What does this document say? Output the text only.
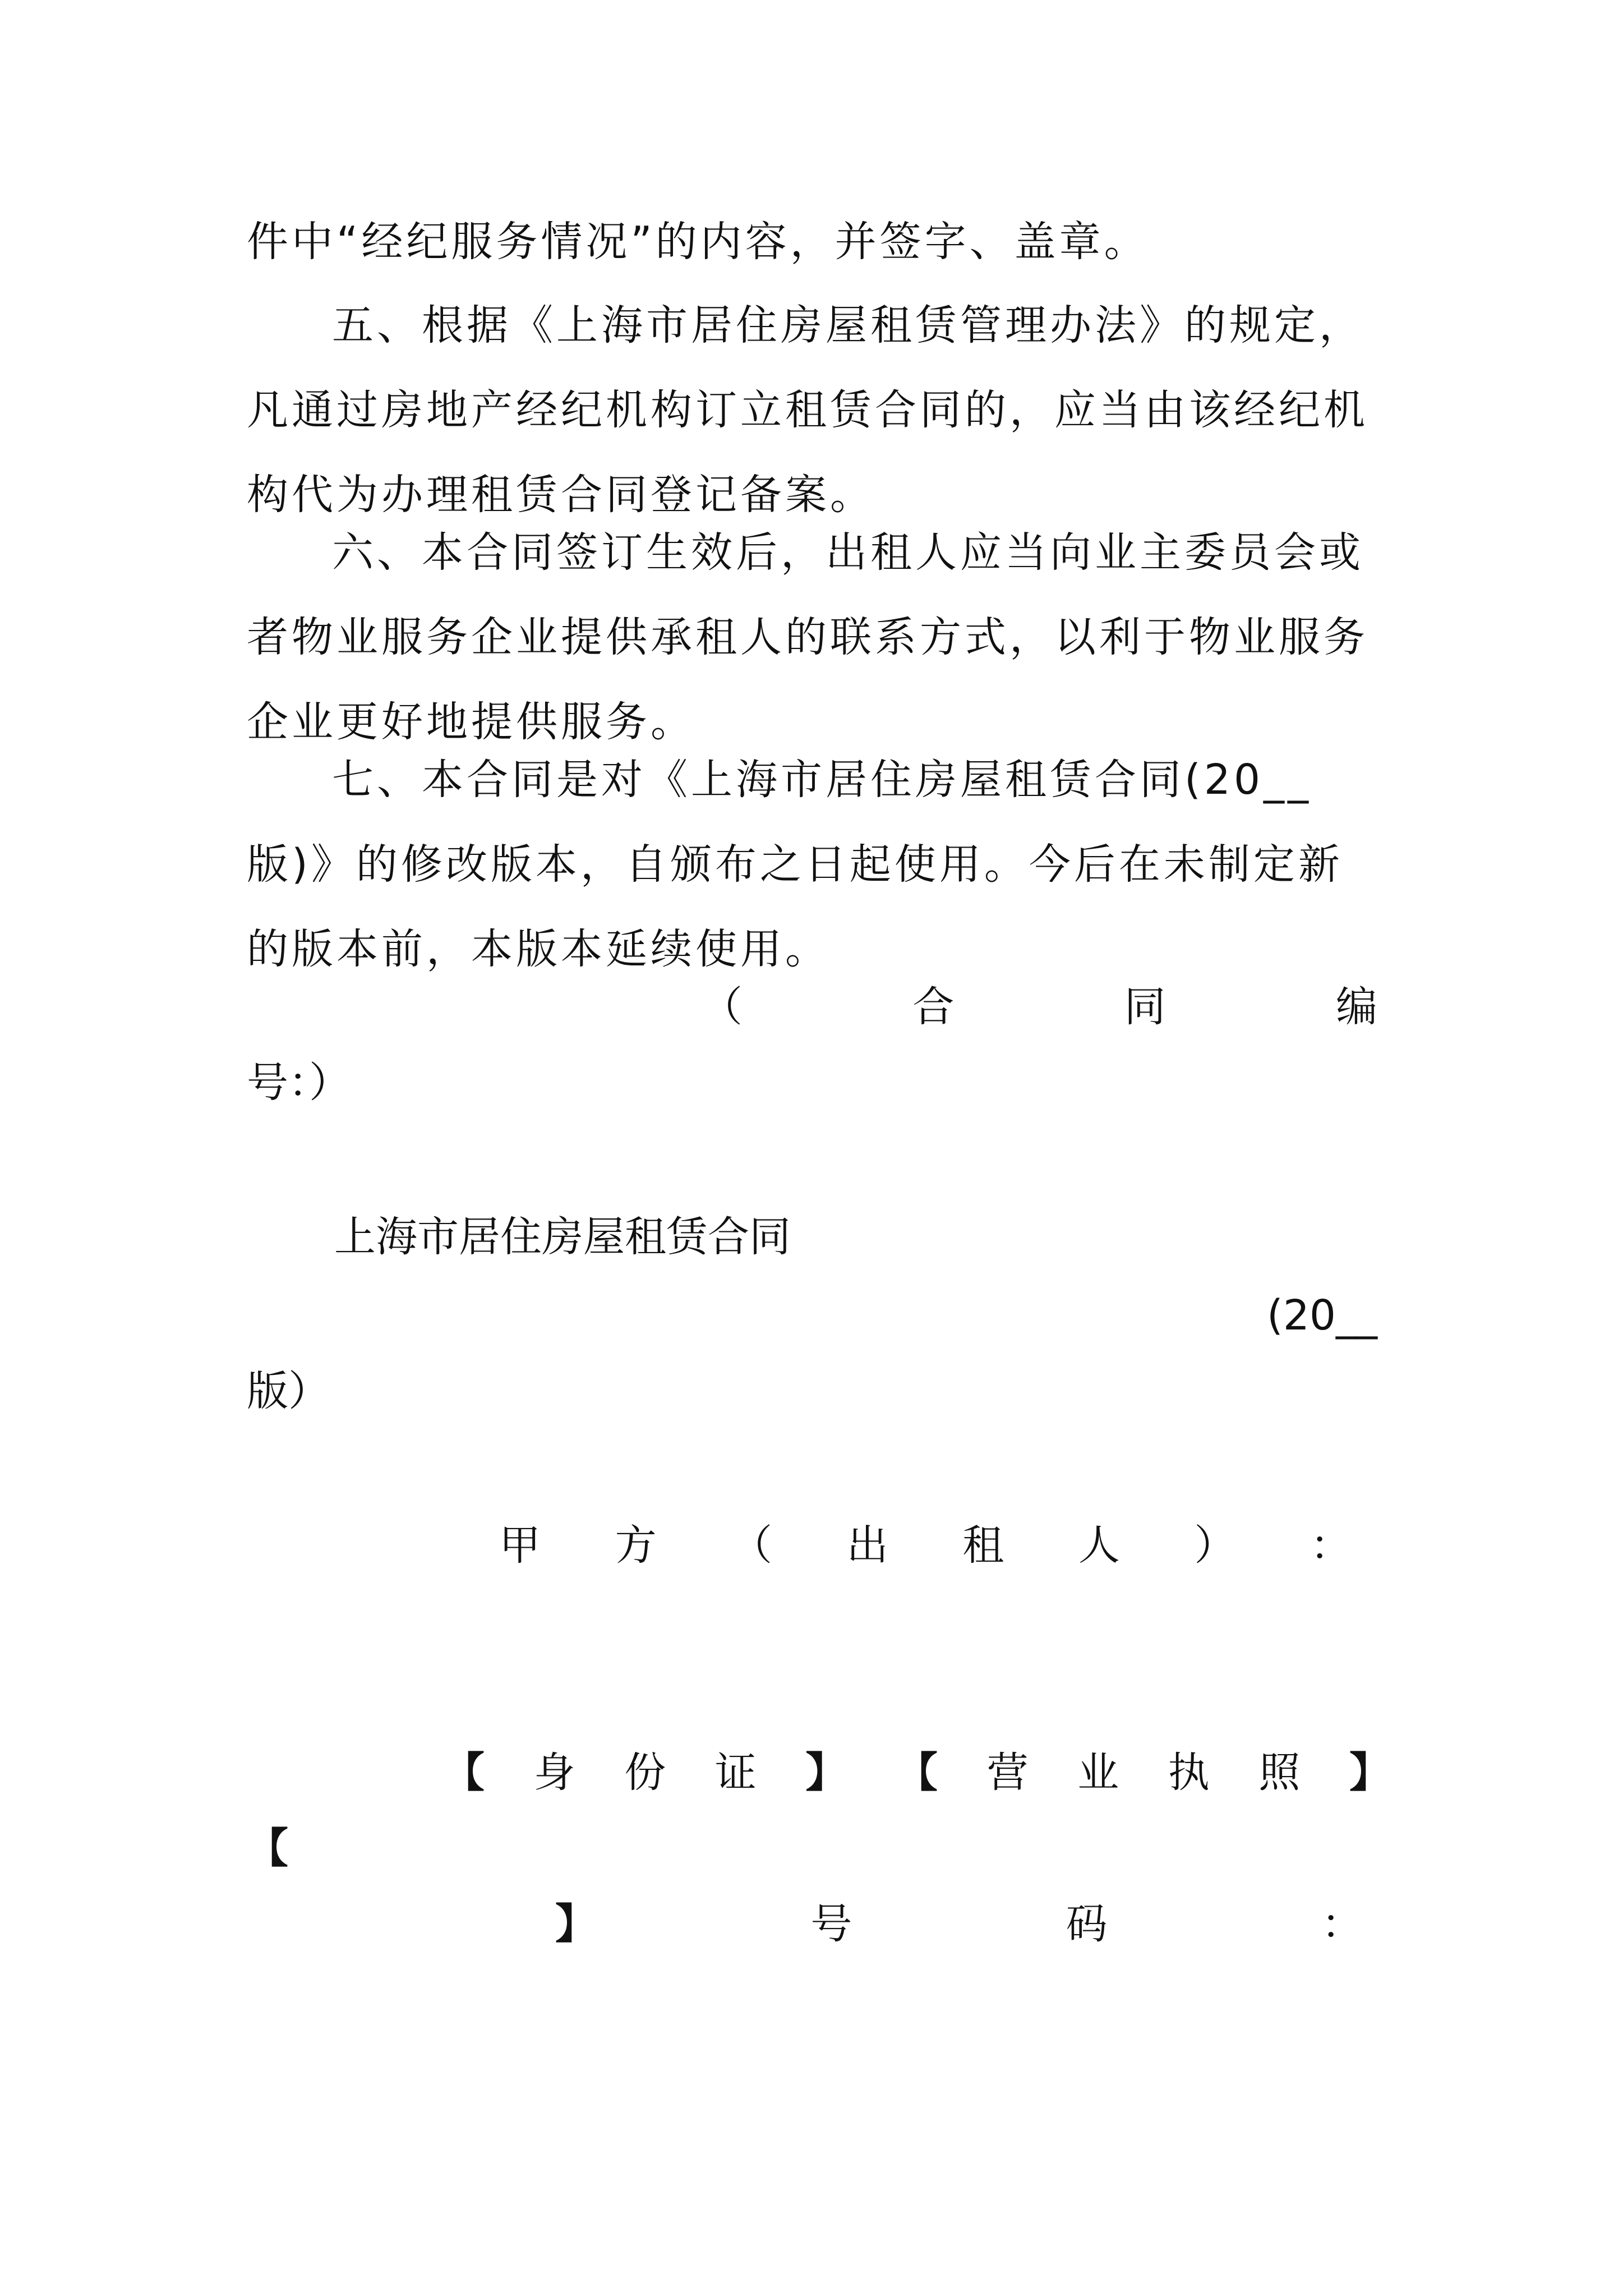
件中“经纪服务情况”的内容，并签字、盖章。

五、根据《上海市居住房屋租赁管理办法》的规定，凡通过房地产经纪机构订立租赁合同的，应当由该经纪机构代为办理租赁合同登记备案。

六、本合同签订生效后，出租人应当向业主委员会或者物业服务企业提供承租人的联系方式，以利于物业服务企业更好地提供服务。

七、本合同是对《上海市居住房屋租赁合同(20__版)》的修改版本，自颁布之日起使用。今后在未制定新的版本前，本版本延续使用。

（	合	同	编
号：）
上海市居住房屋租赁合同
(20__
版）
甲 方 （ 出 租 人 ） ：
【 身 份 证 】 【 营 业 执 照 】
【
】	号	码	：
